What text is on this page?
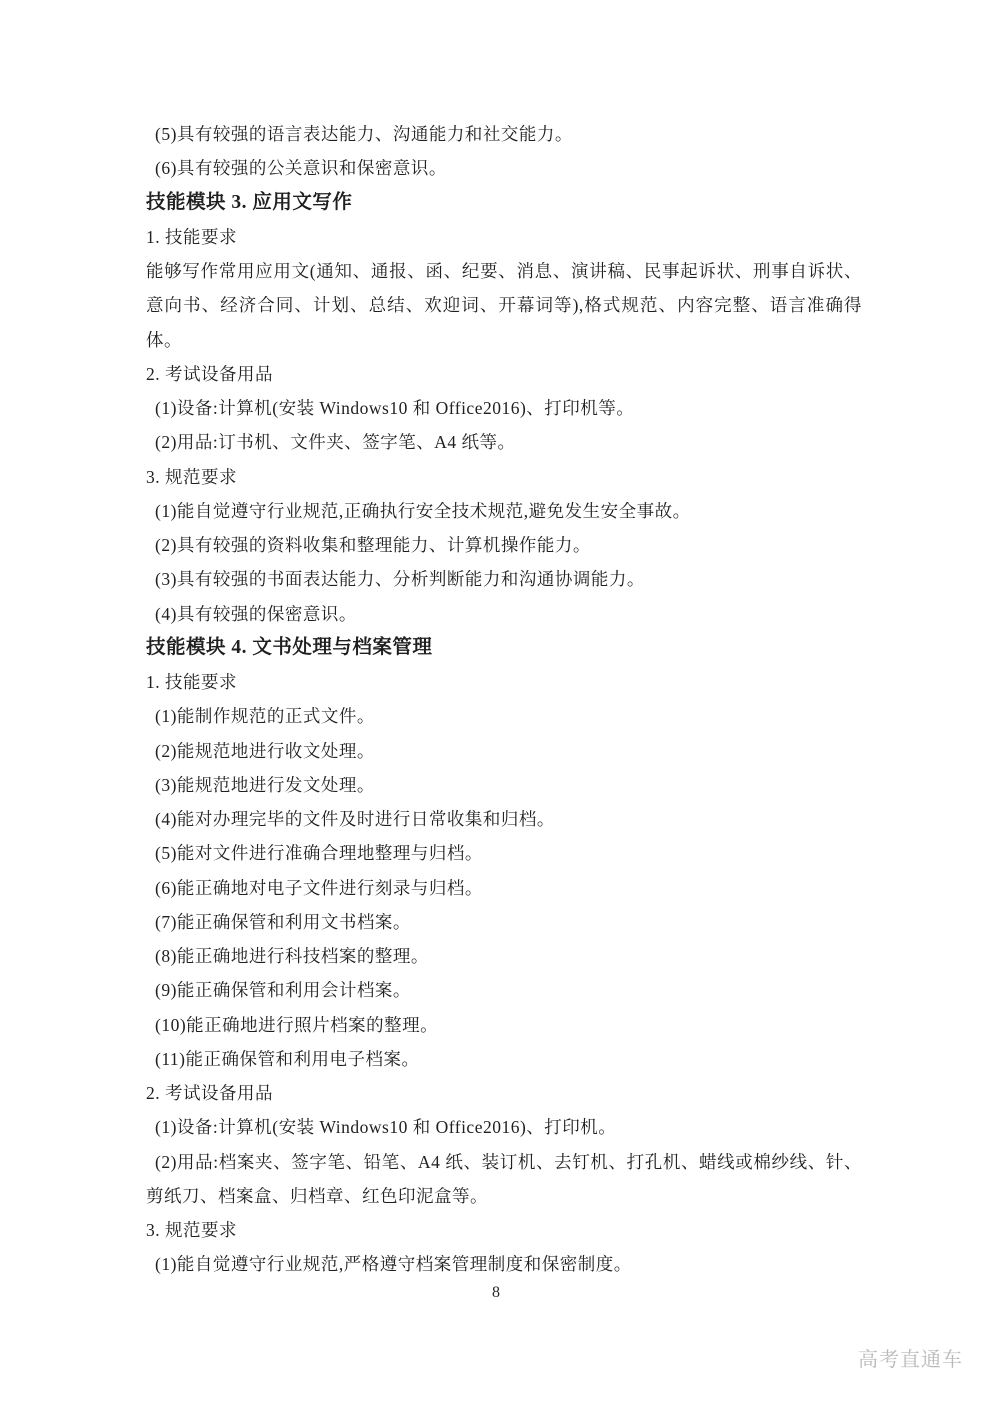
(5)具有较强的语言表达能力、沟通能力和社交能力。

(6)具有较强的公关意识和保密意识。

技能模块 3. 应用文写作

1. 技能要求

能够写作常用应用文(通知、通报、函、纪要、消息、演讲稿、民事起诉状、刑事自诉状、意向书、经济合同、计划、总结、欢迎词、开幕词等),格式规范、内容完整、语言准确得体。

2. 考试设备用品

(1)设备:计算机(安装 Windows10 和 Office2016)、打印机等。

(2)用品:订书机、文件夹、签字笔、A4 纸等。

3. 规范要求

(1)能自觉遵守行业规范,正确执行安全技术规范,避免发生安全事故。

(2)具有较强的资料收集和整理能力、计算机操作能力。

(3)具有较强的书面表达能力、分析判断能力和沟通协调能力。

(4)具有较强的保密意识。

技能模块 4. 文书处理与档案管理

1. 技能要求

(1)能制作规范的正式文件。

(2)能规范地进行收文处理。

(3)能规范地进行发文处理。

(4)能对办理完毕的文件及时进行日常收集和归档。

(5)能对文件进行准确合理地整理与归档。

(6)能正确地对电子文件进行刻录与归档。

(7)能正确保管和利用文书档案。

(8)能正确地进行科技档案的整理。

(9)能正确保管和利用会计档案。

(10)能正确地进行照片档案的整理。

(11)能正确保管和利用电子档案。

2. 考试设备用品

(1)设备:计算机(安装 Windows10 和 Office2016)、打印机。

(2)用品:档案夹、签字笔、铅笔、A4 纸、装订机、去钉机、打孔机、蜡线或棉纱线、针、剪纸刀、档案盒、归档章、红色印泥盒等。

3. 规范要求

(1)能自觉遵守行业规范,严格遵守档案管理制度和保密制度。

8
高考直通车
